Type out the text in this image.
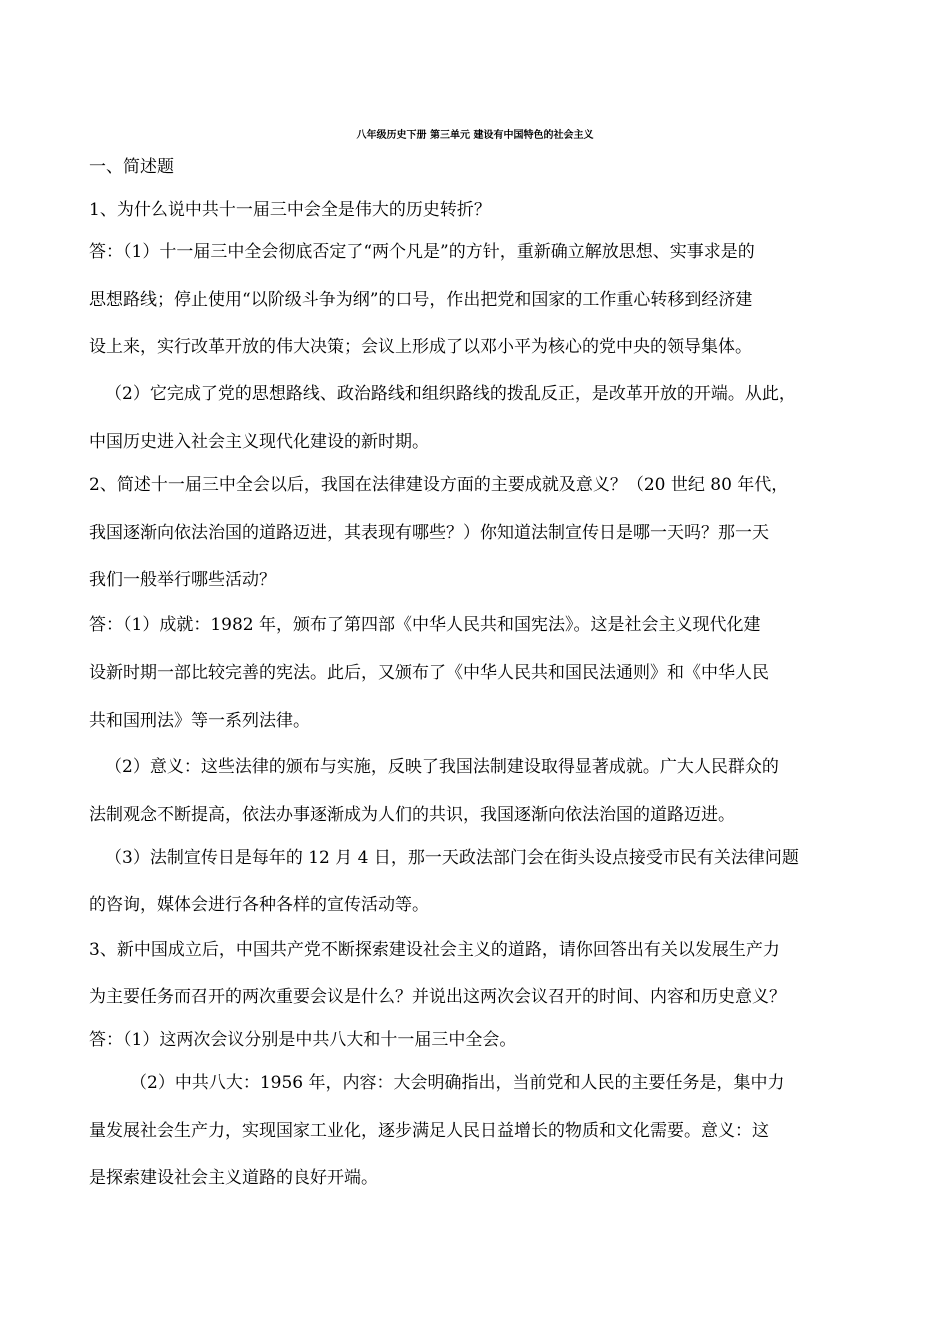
八年级历史下册 第三单元 建设有中国特色的社会主义
一、简述题
1、为什么说中共十一届三中会全是伟大的历史转折？
答：（1）十一届三中全会彻底否定了“两个凡是”的方针，重新确立解放思想、实事求是的
思想路线；停止使用“以阶级斗争为纲”的口号，作出把党和国家的工作重心转移到经济建
设上来，实行改革开放的伟大决策；会议上形成了以邓小平为核心的党中央的领导集体。
（2）它完成了党的思想路线、政治路线和组织路线的拨乱反正，是改革开放的开端。从此，
中国历史进入社会主义现代化建设的新时期。
2、简述十一届三中全会以后，我国在法律建设方面的主要成就及意义？（20 世纪 80 年代，
我国逐渐向依法治国的道路迈进，其表现有哪些？）你知道法制宣传日是哪一天吗？那一天
我们一般举行哪些活动？
答：（1）成就：1982 年，颁布了第四部《中华人民共和国宪法》。这是社会主义现代化建
设新时期一部比较完善的宪法。此后，又颁布了《中华人民共和国民法通则》和《中华人民
共和国刑法》等一系列法律。
（2）意义：这些法律的颁布与实施，反映了我国法制建设取得显著成就。广大人民群众的
法制观念不断提高，依法办事逐渐成为人们的共识，我国逐渐向依法治国的道路迈进。
（3）法制宣传日是每年的 12 月 4 日，那一天政法部门会在街头设点接受市民有关法律问题
的咨询，媒体会进行各种各样的宣传活动等。
3、新中国成立后，中国共产党不断探索建设社会主义的道路，请你回答出有关以发展生产力
为主要任务而召开的两次重要会议是什么？并说出这两次会议召开的时间、内容和历史意义？
答：（1）这两次会议分别是中共八大和十一届三中全会。
（2）中共八大：1956 年，内容：大会明确指出，当前党和人民的主要任务是，集中力
量发展社会生产力，实现国家工业化，逐步满足人民日益增长的物质和文化需要。意义：这
是探索建设社会主义道路的良好开端。
